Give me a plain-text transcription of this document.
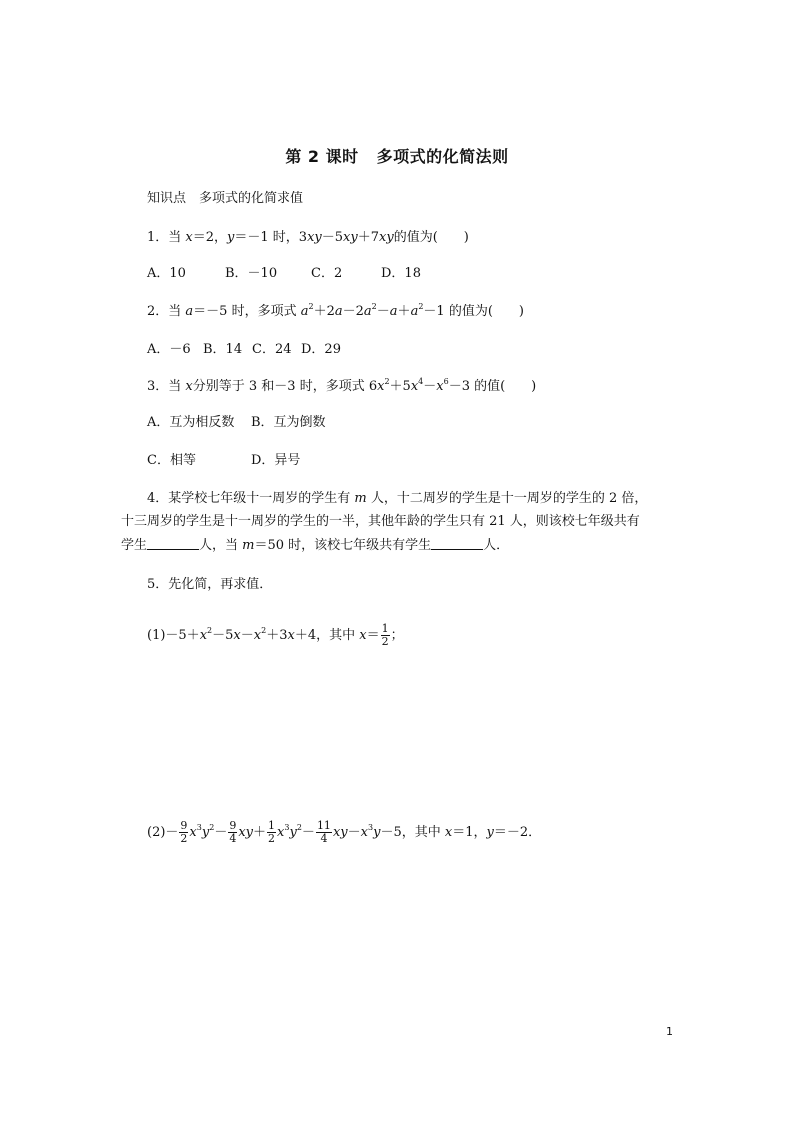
第 2 课时 多项式的化简法则
知识点　多项式的化简求值
1．当 x＝2，y＝－1 时，3xy－5xy＋7xy的值为(　　)
A．10	B．－10	C．2	D．18
2．当 a＝－5 时，多项式 $a^2+2a-2a^2-a+a^2-1$ 的值为(　　)
A．－6 B．14 C．24 D．29
3．当 x分别等于 3 和－3 时，多项式 $6x^2+5x^4-x^6-3$ 的值(　　)
A．互为相反数 B．互为倒数
C．相等	D．异号
4．某学校七年级十一周岁的学生有 m 人，十二周岁的学生是十一周岁的学生的 2 倍，
十三周岁的学生是十一周岁的学生的一半，其他年龄的学生只有 21 人，则该校七年级共有
学生	人，当 m＝50 时，该校七年级共有学生	人．
5．先化简，再求值．
$(1)-5+x^2-5x-x^2+3x+4$，其中 $x= \frac{1}{2}$ ；
$(2)- \frac{9}{2} x^3y^2- \frac{9}{4} xy+ \frac{1}{2} x^3y^2- \frac{11}{4} xy-x^3y-5$，其中 x＝1，y＝－2．
1
